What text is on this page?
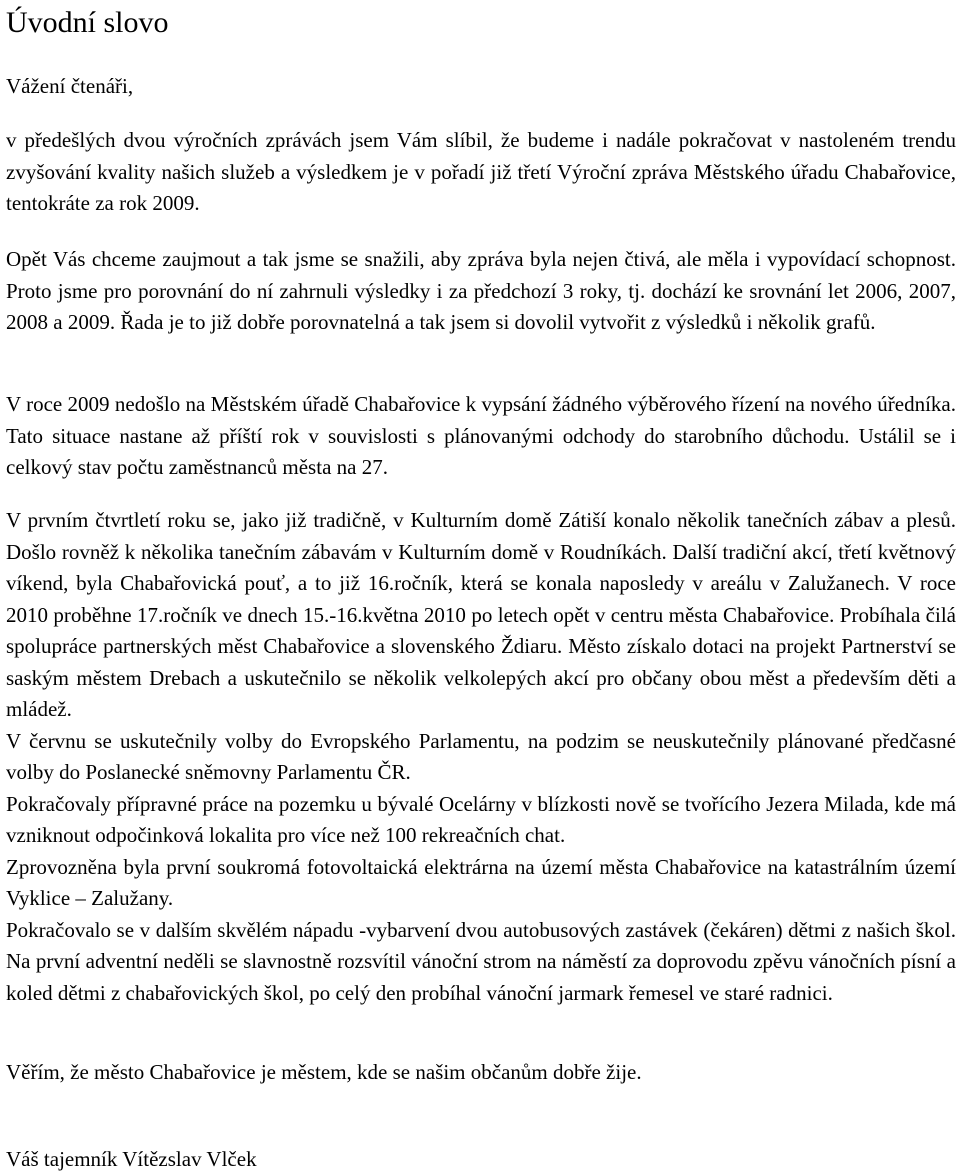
Úvodní slovo

Vážení čtenáři,

v předešlých dvou výročních zprávách jsem Vám slíbil, že budeme i nadále pokračovat v nastoleném trendu zvyšování kvality našich služeb a výsledkem je v pořadí již třetí Výroční zpráva Městského úřadu Chabařovice, tentokráte za rok 2009.

Opět Vás chceme zaujmout a tak jsme se snažili, aby zpráva byla nejen čtivá, ale měla i vypovídací schopnost. Proto jsme pro porovnání do ní zahrnuli výsledky i za předchozí 3 roky, tj. dochází ke srovnání let 2006, 2007, 2008 a 2009. Řada je to již dobře porovnatelná a tak jsem si dovolil vytvořit z výsledků i několik grafů.

V roce 2009 nedošlo na Městském úřadě Chabařovice k vypsání žádného výběrového řízení na nového úředníka. Tato situace nastane až příští rok v souvislosti s plánovanými odchody do starobního důchodu. Ustálil se i celkový stav počtu zaměstnanců města na 27.

V prvním čtvrtletí roku se, jako již tradičně, v Kulturním domě Zátiší konalo několik tanečních zábav a plesů. Došlo rovněž k několika tanečním zábavám v Kulturním domě v Roudníkách. Další tradiční akcí, třetí květnový víkend, byla Chabařovická pouť, a to již 16.ročník, která se konala naposledy v areálu v Zalužanech. V roce 2010 proběhne 17.ročník ve dnech 15.-16.května 2010 po letech opět v centru města Chabařovice. Probíhala čilá spolupráce partnerských měst Chabařovice a slovenského Ždiaru. Město získalo dotaci na projekt Partnerství se saským městem Drebach a uskutečnilo se několik velkolepých akcí pro občany obou měst a především děti a mládež.

V červnu se uskutečnily volby do Evropského Parlamentu, na podzim se neuskutečnily plánované předčasné volby do Poslanecké sněmovny Parlamentu ČR.

Pokračovaly přípravné práce na pozemku u bývalé Ocelárny v blízkosti nově se tvořícího Jezera Milada, kde má vzniknout odpočinková lokalita pro více než 100 rekreačních chat.

Zprovozněna byla první soukromá fotovoltaická elektrárna na území města Chabařovice na katastrálním území Vyklice – Zalužany.

Pokračovalo se v dalším skvělém nápadu -vybarvení dvou autobusových zastávek (čekáren) dětmi z našich škol. Na první adventní neděli se slavnostně rozsvítil vánoční strom na náměstí za doprovodu zpěvu vánočních písní a koled dětmi z chabařovických škol, po celý den probíhal vánoční jarmark řemesel ve staré radnici.

Věřím, že město Chabařovice je městem, kde se našim občanům dobře žije.

Váš tajemník Vítězslav Vlček
